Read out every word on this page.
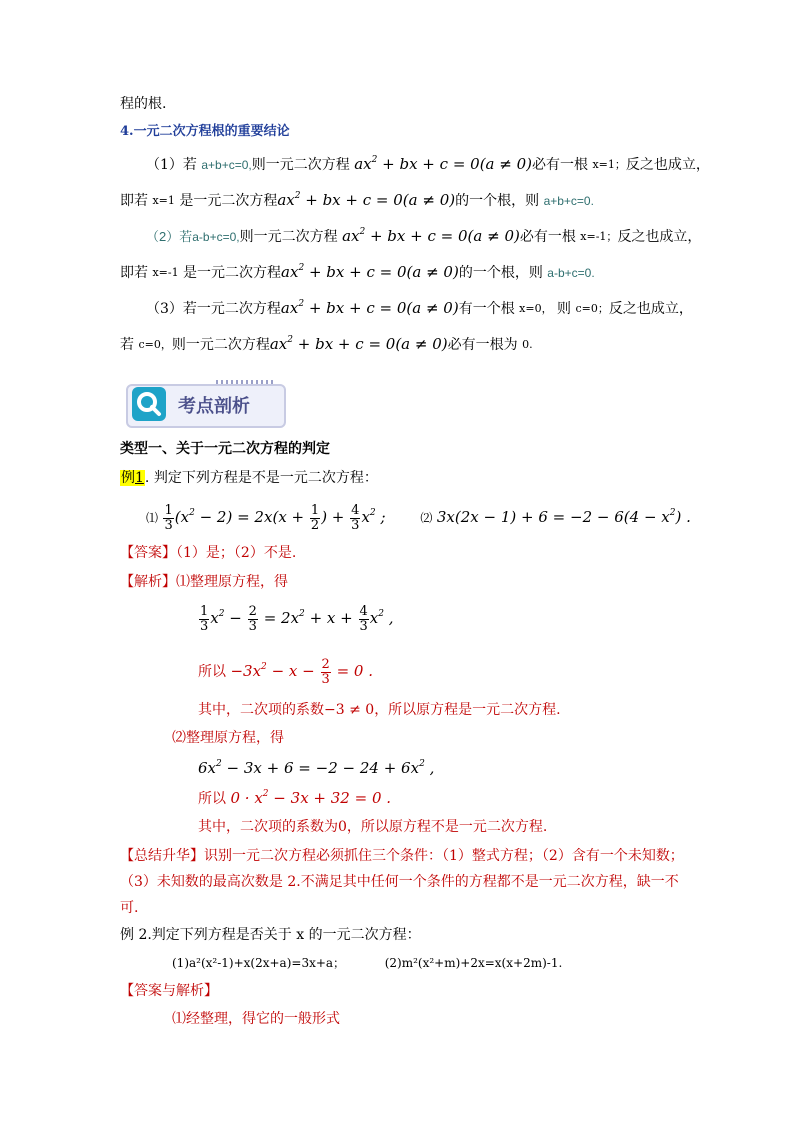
程的根.
4.一元二次方程根的重要结论
（1）若 a+b+c=0,则一元二次方程 $ax^2$ + bx + c = 0(a ≠ 0)必有一根 x=1；反之也成立，
即若 x=1 是一元二次方程$ax^2$ + bx + c = 0(a ≠ 0)的一个根，则 a+b+c=0.
（2）若a-b+c=0,则一元二次方程 $ax^2$ + bx + c = 0(a ≠ 0)必有一根 x=-1；反之也成立，
即若 x=-1 是一元二次方程$ax^2$ + bx + c = 0(a ≠ 0)的一个根，则 a-b+c=0.
（3）若一元二次方程$ax^2$ + bx + c = 0(a ≠ 0)有一个根 x=0， 则 c=0；反之也成立，
若 c=0，则一元二次方程$ax^2$ + bx + c = 0(a ≠ 0)必有一根为 0.
考点剖析
类型一、关于一元二次方程的判定
例1. 判定下列方程是不是一元二次方程：
⑴ $\frac{1}{3} (x^2 - 2) = 2x(x + \frac{1}{2}$ ) + $\frac{4}{3} x^2$ ;	⑵ $3x(2x - 1) + 6 = -2 - 6(4 - x^2)$ .
【答案】（1）是；（2）不是.
【解析】⑴整理原方程，得
$\frac{1}{3} x^2 - \frac{2}{3} = 2x^2 + x + \frac{4}{3} x^2$ ,
所以 $-3x^2 - x - \frac{2}{3} = 0$ .
其中，二次项的系数−3 ≠ 0，所以原方程是一元二次方程.
⑵整理原方程，得
$6x^2 - 3x + 6 = -2 - 24 + 6x^2$ ,
所以 $0 \cdot x^2 - 3x + 32 = 0$ .
其中，二次项的系数为0，所以原方程不是一元二次方程.
【总结升华】识别一元二次方程必须抓住三个条件：（1）整式方程；（2）含有一个未知数；
（3）未知数的最高次数是 2.不满足其中任何一个条件的方程都不是一元二次方程，缺一不
可.
例 2.判定下列方程是否关于 x 的一元二次方程：
(1)a²(x²-1)+x(2x+a)=3x+a；	(2)m²(x²+m)+2x=x(x+2m)-1.
【答案与解析】
⑴经整理，得它的一般形式
